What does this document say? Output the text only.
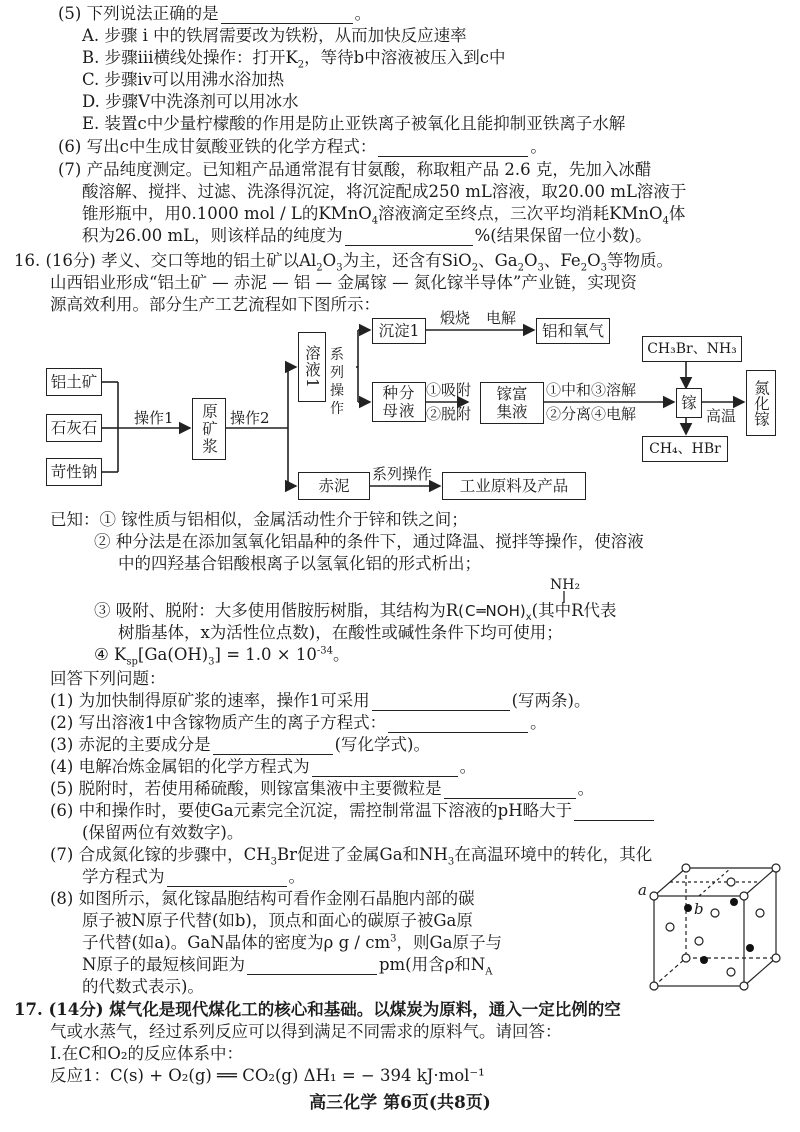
(5) 下列说法正确的是	。
A. 步骤 ⅰ 中的铁屑需要改为铁粉，从而加快反应速率
B. 步骤ⅲ横线处操作：打开$K_2$，等待b中溶液被压入到c中
C. 步骤ⅳ可以用沸水浴加热
D. 步骤Ⅴ中洗涤剂可以用冰水
E. 装置c中少量柠檬酸的作用是防止亚铁离子被氧化且能抑制亚铁离子水解
(6) 写出c中生成甘氨酸亚铁的化学方程式：	。
(7) 产品纯度测定。已知粗产品通常混有甘氨酸，称取粗产品 2.6 克，先加入冰醋
酸溶解、搅拌、过滤、洗涤得沉淀，将沉淀配成250 mL溶液，取20.00 mL溶液于
锥形瓶中，用0.1000 mol / L的KMnO$_4$溶液滴定至终点，三次平均消耗KMnO$_4$体
积为26.00 mL，则该样品的纯度为	%(结果保留一位小数)。
16. (16分) 孝义、交口等地的铝土矿以$Al_2O_3$为主，还含有SiO$_2$、$Ga_2O_3$、$Fe_2O_3$等物质。
山西铝业形成“铝土矿 — 赤泥 — 铝 — 金属镓 — 氮化镓半导体”产业链，实现资
源高效利用。部分生产工艺流程如下图所示：
铝土矿
石灰石
苛性钠
操作1	原矿浆 操作2
溶液1 系列操作
沉淀1
煅烧 电解
铝和氧气
种分母液
①吸附
②脱附
镓富集液
①中和③溶解
②分离④电解
CH₃Br、NH₃
镓
高温	氮化镓
CH₄、HBr
赤泥
系列操作
工业原料及产品
已知：① 镓性质与铝相似，金属活动性介于锌和铁之间；
② 种分法是在添加氢氧化铝晶种的条件下，通过降温、搅拌等操作，使溶液
中的四羟基合铝酸根离子以氢氧化铝的形式析出；
NH₂
③ 吸附、脱附：大多使用偕胺肟树脂，其结构为$R​(C═NOH)_x$(其中R代表
树脂基体，x为活性位点数)，在酸性或碱性条件下均可使用；
④ $K_{sp}[Ga(OH)_3] = 1.0 \times 10^{-34}$。
回答下列问题：
(1) 为加快制得原矿浆的速率，操作1可采用	(写两条)。
(2) 写出溶液1中含镓物质产生的离子方程式：	。
(3) 赤泥的主要成分是	(写化学式)。
(4) 电解冶炼金属铝的化学方程式为	。
(5) 脱附时，若使用稀硫酸，则镓富集液中主要微粒是	。
(6) 中和操作时，要使Ga元素完全沉淀，需控制常温下溶液的pH略大于
(保留两位有效数字)。
(7) 合成氮化镓的步骤中，$CH_3Br$促进了金属Ga和$NH_3$在高温环境中的转化，其化
学方程式为	。
(8) 如图所示，氮化镓晶胞结构可看作金刚石晶胞内部的碳
原子被N原子代替(如b)，顶点和面心的碳原子被Ga原
子代替(如a)。GaN晶体的密度为ρ g / $cm^3$，则Ga原子与
N原子的最短核间距为	pm(用含ρ和$N_A$
的代数式表示)。
a
b
17. (14分) 煤气化是现代煤化工的核心和基础。以煤炭为原料，通入一定比例的空
气或水蒸气，经过系列反应可以得到满足不同需求的原料气。请回答：
Ⅰ.在C和O₂的反应体系中：
反应1：C(s) + O₂(g) ══ CO₂(g) ΔH₁ = − 394 kJ·mol⁻¹
高三化学 第6页(共8页)
